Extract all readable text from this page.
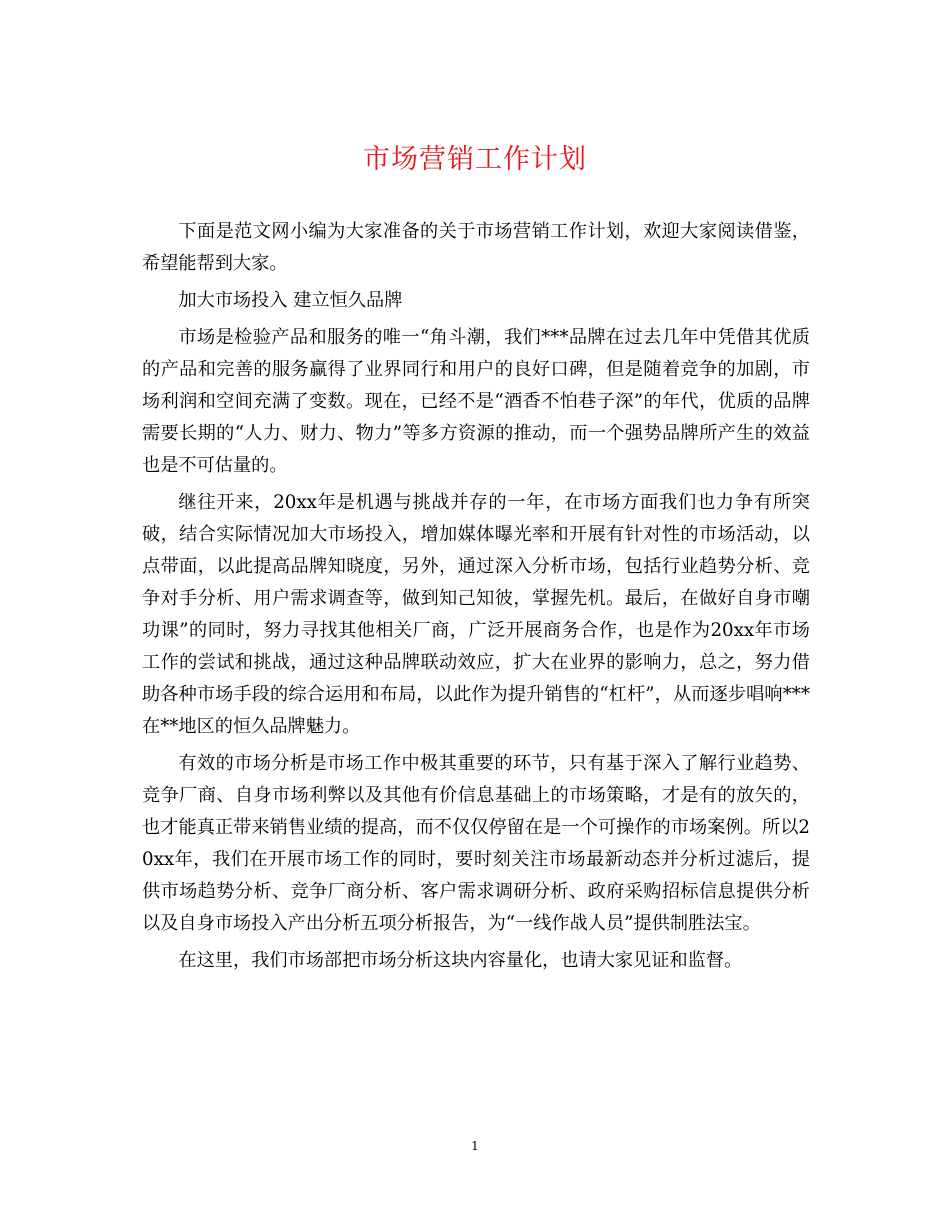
市场营销工作计划

下面是范文网小编为大家准备的关于市场营销工作计划，欢迎大家阅读借鉴，希望能帮到大家。

加大市场投入 建立恒久品牌

市场是检验产品和服务的唯一“角斗潮，我们***品牌在过去几年中凭借其优质的产品和完善的服务赢得了业界同行和用户的良好口碑，但是随着竞争的加剧，市场利润和空间充满了变数。现在，已经不是“酒香不怕巷子深”的年代，优质的品牌需要长期的“人力、财力、物力”等多方资源的推动，而一个强势品牌所产生的效益也是不可估量的。

继往开来，20xx年是机遇与挑战并存的一年，在市场方面我们也力争有所突破，结合实际情况加大市场投入，增加媒体曝光率和开展有针对性的市场活动，以点带面，以此提高品牌知晓度，另外，通过深入分析市场，包括行业趋势分析、竞争对手分析、用户需求调查等，做到知己知彼，掌握先机。最后，在做好自身市嘲功课”的同时，努力寻找其他相关厂商，广泛开展商务合作，也是作为20xx年市场工作的尝试和挑战，通过这种品牌联动效应，扩大在业界的影响力，总之，努力借助各种市场手段的综合运用和布局，以此作为提升销售的“杠杆”，从而逐步唱响***在**地区的恒久品牌魅力。

有效的市场分析是市场工作中极其重要的环节，只有基于深入了解行业趋势、竞争厂商、自身市场利弊以及其他有价信息基础上的市场策略，才是有的放矢的，也才能真正带来销售业绩的提高，而不仅仅停留在是一个可操作的市场案例。所以20xx年，我们在开展市场工作的同时，要时刻关注市场最新动态并分析过滤后，提供市场趋势分析、竞争厂商分析、客户需求调研分析、政府采购招标信息提供分析以及自身市场投入产出分析五项分析报告，为“一线作战人员”提供制胜法宝。

在这里，我们市场部把市场分析这块内容量化，也请大家见证和监督。

1
